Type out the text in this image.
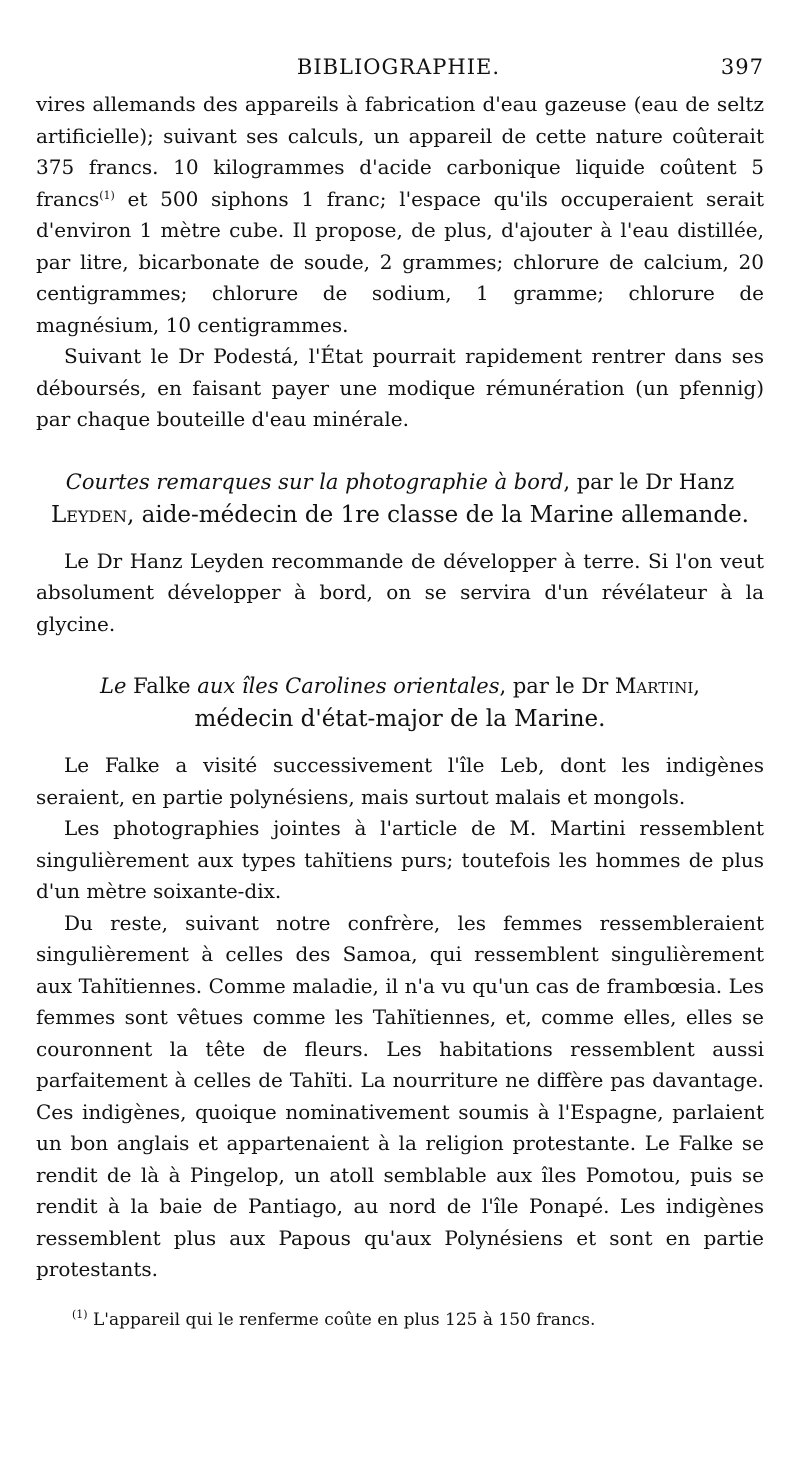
BIBLIOGRAPHIE.	397

vires allemands des appareils à fabrication d'eau gazeuse (eau de seltz artificielle); suivant ses calculs, un appareil de cette nature coûterait 375 francs. 10 kilogrammes d'acide carbonique liquide coûtent 5 francs$^{(1)}$ et 500 siphons 1 franc; l'espace qu'ils occuperaient serait d'environ 1 mètre cube. Il propose, de plus, d'ajouter à l'eau distillée, par litre, bicarbonate de soude, 2 grammes; chlorure de calcium, 20 centigrammes; chlorure de sodium, 1 gramme; chlorure de magnésium, 10 centigrammes.

Suivant le Dr Podestá, l'État pourrait rapidement rentrer dans ses déboursés, en faisant payer une modique rémunération (un pfennig) par chaque bouteille d'eau minérale.

Courtes remarques sur la photographie à bord, par le Dr Hanz
Leyden, aide-médecin de 1re classe de la Marine allemande.

Le Dr Hanz Leyden recommande de développer à terre. Si l'on veut absolument développer à bord, on se servira d'un révélateur à la glycine.

Le Falke aux îles Carolines orientales, par le Dr Martini,
médecin d'état-major de la Marine.

Le Falke a visité successivement l'île Leb, dont les indigènes seraient, en partie polynésiens, mais surtout malais et mongols.

Les photographies jointes à l'article de M. Martini ressemblent singulièrement aux types tahïtiens purs; toutefois les hommes de plus d'un mètre soixante-dix.

Du reste, suivant notre confrère, les femmes ressembleraient singulièrement à celles des Samoa, qui ressemblent singulièrement aux Tahïtiennes. Comme maladie, il n'a vu qu'un cas de frambœsia. Les femmes sont vêtues comme les Tahïtiennes, et, comme elles, elles se couronnent la tête de fleurs. Les habitations ressemblent aussi parfaitement à celles de Tahïti. La nourriture ne diffère pas davantage. Ces indigènes, quoique nominativement soumis à l'Espagne, parlaient un bon anglais et appartenaient à la religion protestante. Le Falke se rendit de là à Pingelop, un atoll semblable aux îles Pomotou, puis se rendit à la baie de Pantiago, au nord de l'île Ponapé. Les indigènes ressemblent plus aux Papous qu'aux Polynésiens et sont en partie protestants.

$^{(1)}$ L'appareil qui le renferme coûte en plus 125 à 150 francs.
